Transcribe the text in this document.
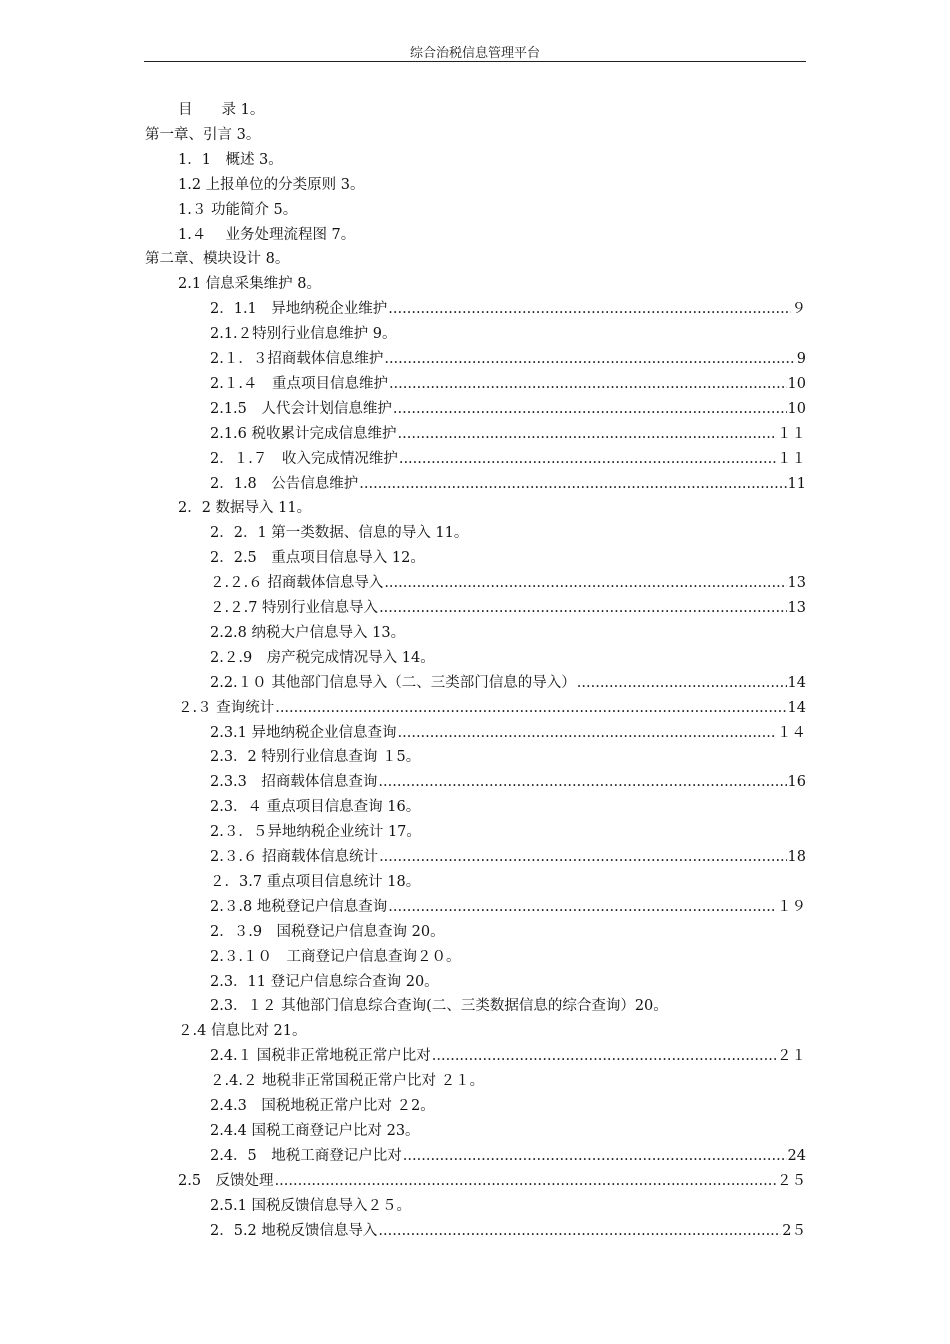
综合治税信息管理平台
目　　录 1。
第一章、引言 3。
1．1　概述 3。
1.2 上报单位的分类原则 3。
1.３ 功能简介 5。
1.４　 业务处理流程图 7。
第二章、模块设计 8。
2.1 信息采集维护 8。
2．1.1　异地纳税企业维护 .....	９
2.1.２特别行业信息维护 9。
2.１．３招商载体信息维护 .....	9
2.１.４　重点项目信息维护 .....	10
2.1.5　人代会计划信息维护 .....	10
2.1.6 税收累计完成信息维护 .....	１１
2．１.７　收入完成情况维护 .....	１１
2．1.8　公告信息维护 .....	11
2．2 数据导入 11。
2．2．1 第一类数据、信息的导入 11。
2．2.5　重点项目信息导入 12。
２.２.６ 招商载体信息导入 .....	13
２.２.7 特别行业信息导入 .....	13
2.2.8 纳税大户信息导入 13。
2.２.9　房产税完成情况导入 14。
2.2.１０ 其他部门信息导入（二、三类部门信息的导入） .....	14
２.３ 查询统计 .....	14
2.3.1 异地纳税企业信息查询 .....	１４
2.3．2 特别行业信息查询 １5。
2.3.3　招商载体信息查询 .....	16
2.3．４ 重点项目信息查询 16。
2.３．５异地纳税企业统计 17。
2.３.６ 招商载体信息统计 .....	18
２．3.7 重点项目信息统计 18。
2.３.8 地税登记户信息查询 .....	１９
2．３.9　国税登记户信息查询 20。
2.３.１０　工商登记户信息查询２０。
2.3．11 登记户信息综合查询 20。
2.3．１２ 其他部门信息综合查询(二、三类数据信息的综合查询）20。
２.4 信息比对 21。
2.4.１ 国税非正常地税正常户比对 .....	２１
２.4.２ 地税非正常国税正常户比对 ２１。
2.4.3　国税地税正常户比对 ２2。
2.4.4 国税工商登记户比对 23。
2.4．5　地税工商登记户比对 .....	24
2.5　反馈处理 .....	２５
2.5.1 国税反馈信息导入２５。
2．5.2 地税反馈信息导入 .....	2５
